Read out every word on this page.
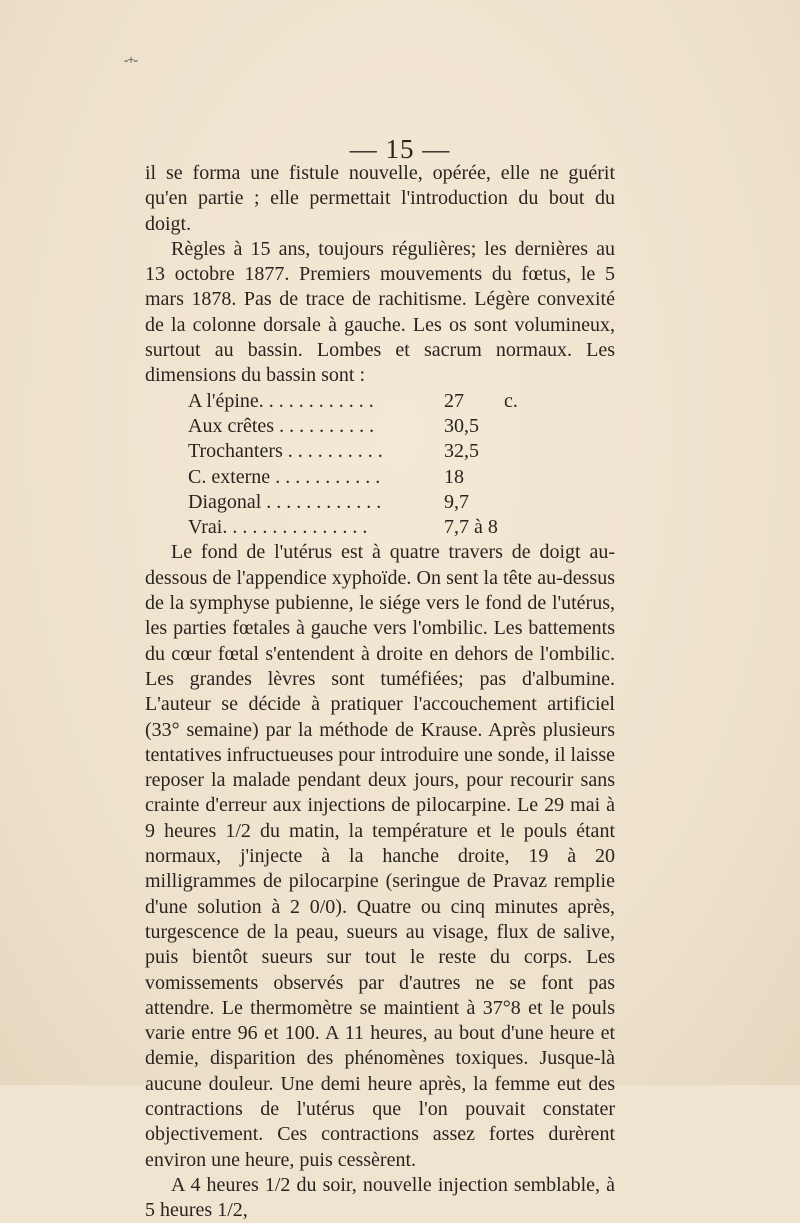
-+-
— 15 —

il se forma une fistule nouvelle, opérée, elle ne guérit qu'en partie ; elle permettait l'introduction du bout du doigt.

Règles à 15 ans, toujours régulières; les dernières au 13 octobre 1877. Premiers mouvements du fœtus, le 5 mars 1878. Pas de trace de rachitisme. Légère convexité de la colonne dorsale à gauche. Les os sont volumineux, surtout au bassin. Lombes et sacrum normaux. Les dimensions du bassin sont :

A l'épine. . . . . . . . . . . .	27	c.
Aux crêtes . . . . . . . . . .	30,5
Trochanters . . . . . . . . . .	32,5
C. externe . . . . . . . . . . .	18
Diagonal . . . . . . . . . . . .	9,7
Vrai. . . . . . . . . . . . . . .	7,7 à 8

Le fond de l'utérus est à quatre travers de doigt au-dessous de l'appendice xyphoïde. On sent la tête au-dessus de la symphyse pubienne, le siége vers le fond de l'utérus, les parties fœtales à gauche vers l'ombilic. Les battements du cœur fœtal s'entendent à droite en dehors de l'ombilic. Les grandes lèvres sont tuméfiées; pas d'albumine. L'auteur se décide à pratiquer l'accouchement artificiel (33° semaine) par la méthode de Krause. Après plusieurs tentatives infructueuses pour introduire une sonde, il laisse reposer la malade pendant deux jours, pour recourir sans crainte d'erreur aux injections de pilocarpine. Le 29 mai à 9 heures 1/2 du matin, la température et le pouls étant normaux, j'injecte à la hanche droite, 19 à 20 milligrammes de pilocarpine (seringue de Pravaz remplie d'une solution à 2 0/0). Quatre ou cinq minutes après, turgescence de la peau, sueurs au visage, flux de salive, puis bientôt sueurs sur tout le reste du corps. Les vomissements observés par d'autres ne se font pas attendre. Le thermomètre se maintient à 37°8 et le pouls varie entre 96 et 100. A 11 heures, au bout d'une heure et demie, disparition des phénomènes toxiques. Jusque-là aucune douleur. Une demi heure après, la femme eut des contractions de l'utérus que l'on pouvait constater objectivement. Ces contractions assez fortes durèrent environ une heure, puis cessèrent.

A 4 heures 1/2 du soir, nouvelle injection semblable, à 5 heures 1/2,
